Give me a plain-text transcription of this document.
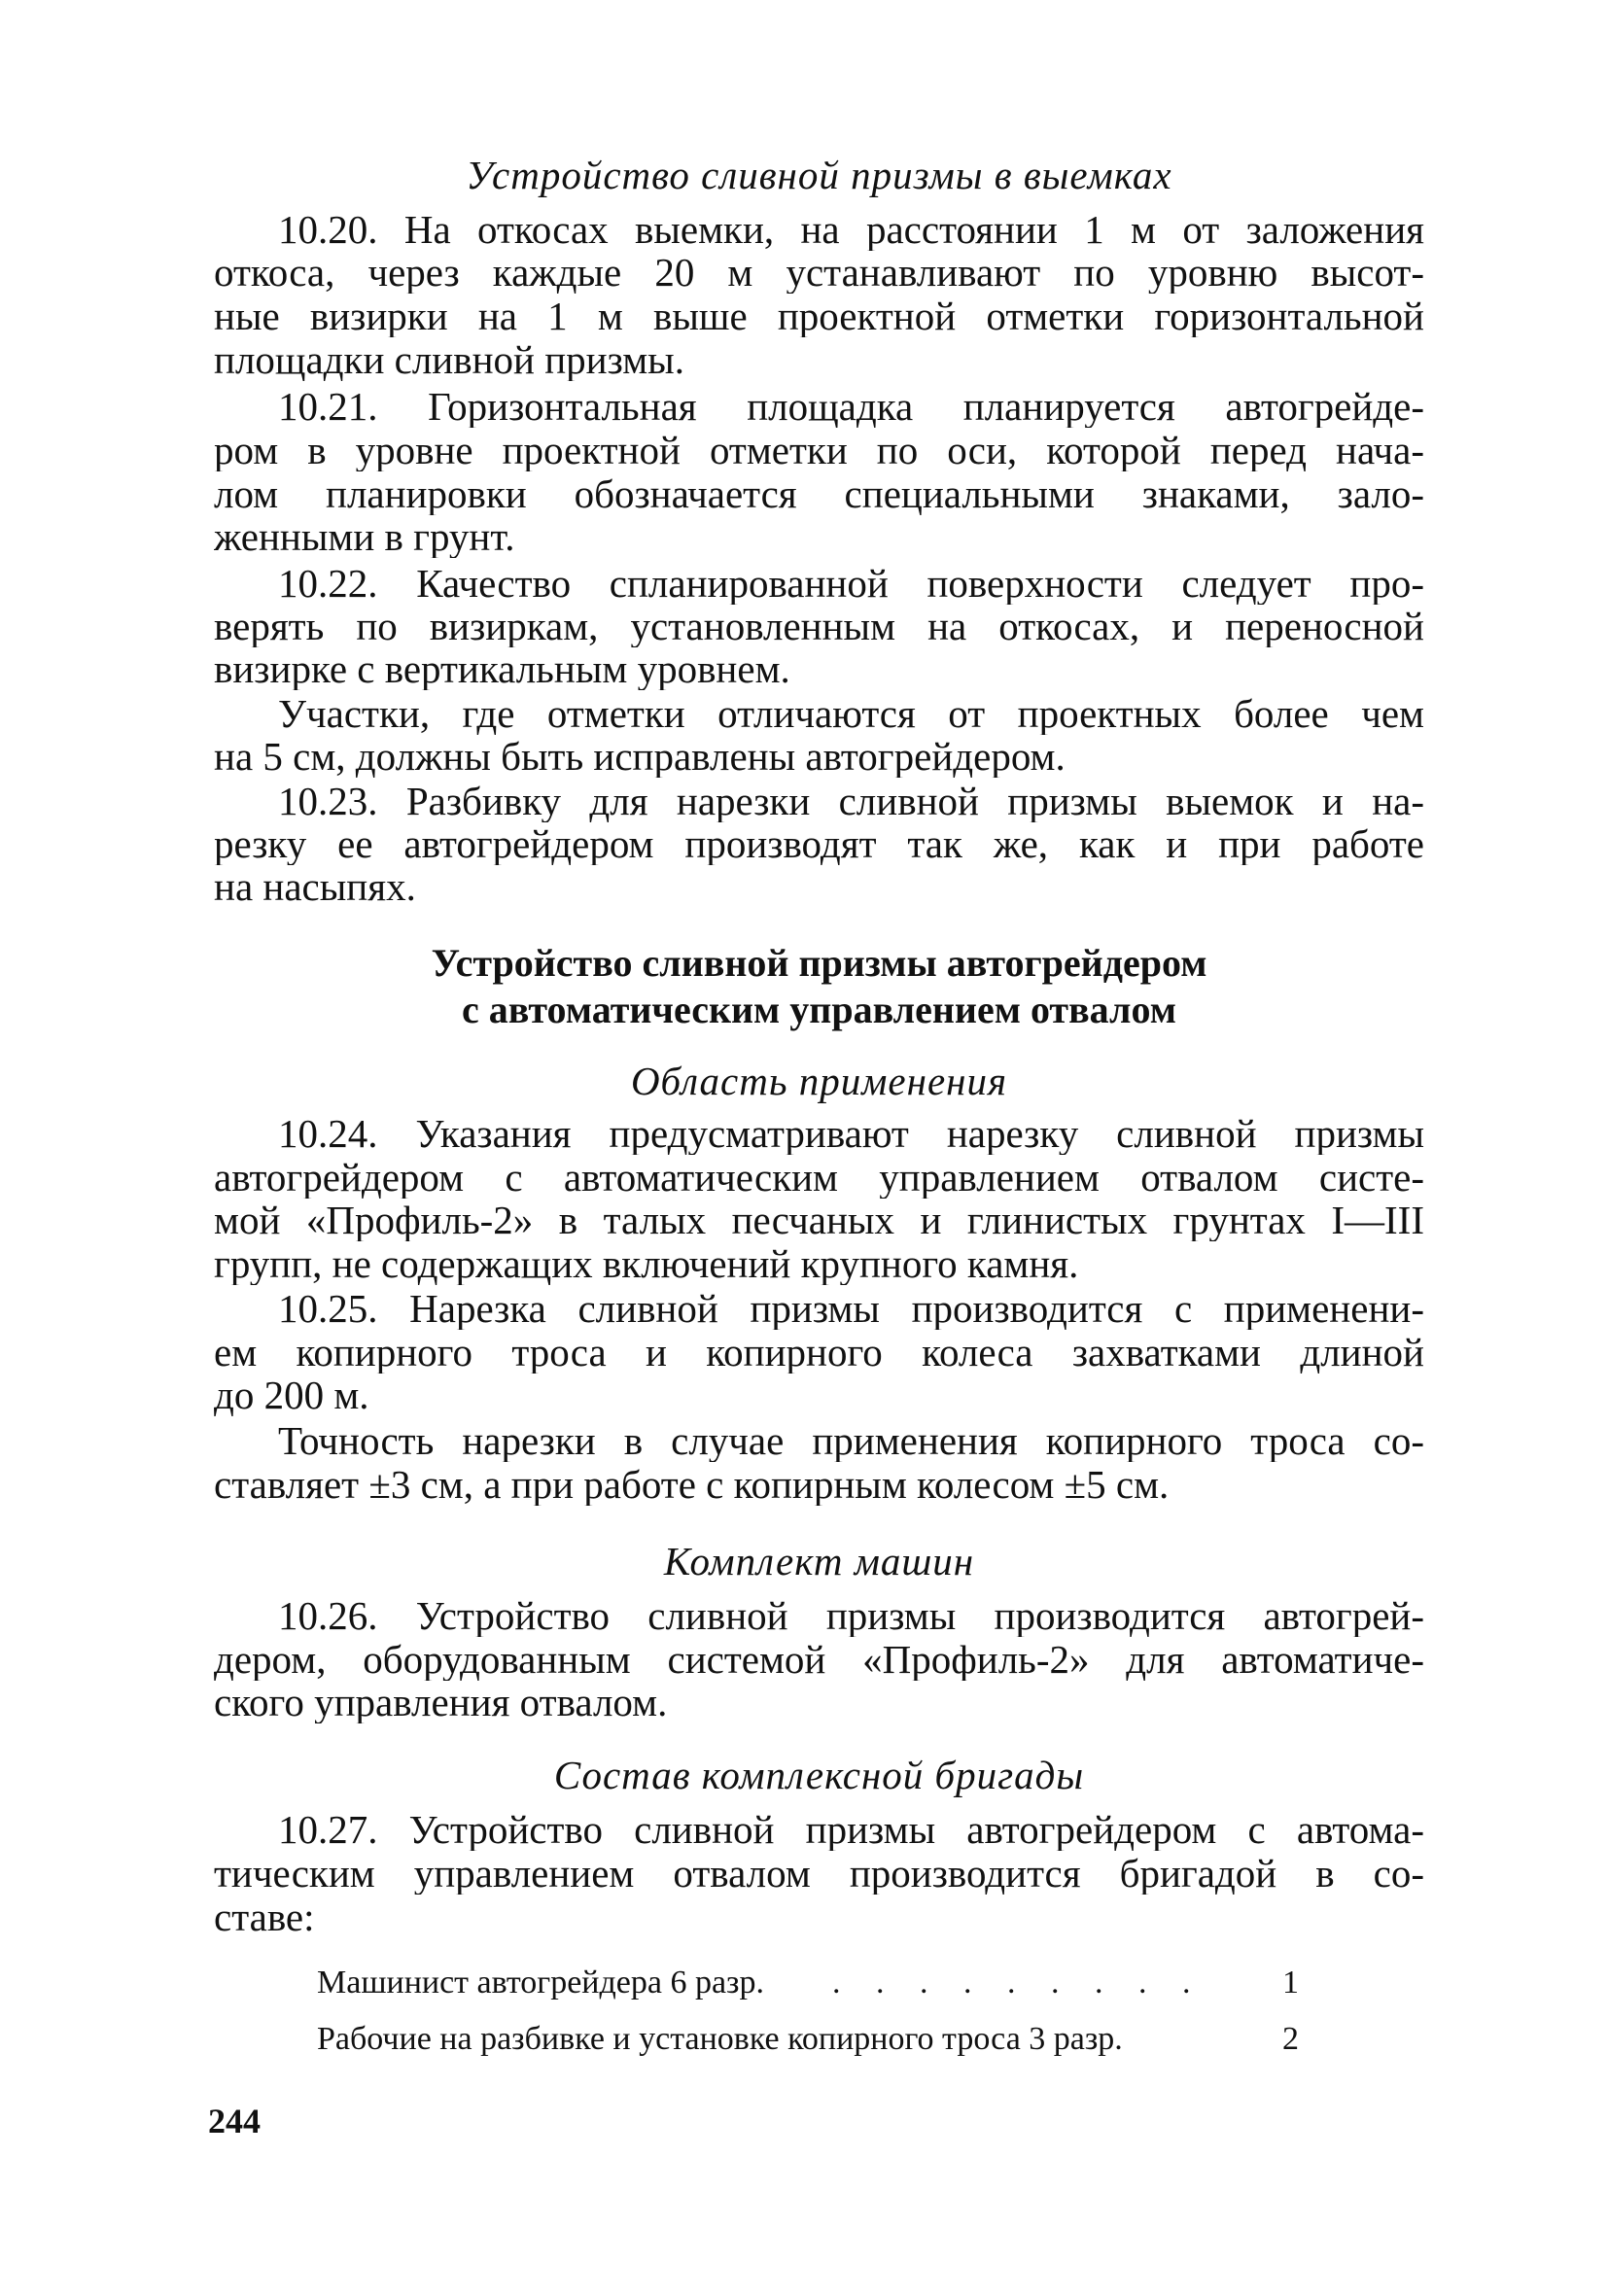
Устройство сливной призмы в выемках
10.20. На откосах выемки, на расстоянии 1 м от заложения
откоса, через каждые 20 м устанавливают по уровню высот-
ные визирки на 1 м выше проектной отметки горизонтальной
площадки сливной призмы.
10.21. Горизонтальная площадка планируется автогрейде-
ром в уровне проектной отметки по оси, которой перед нача-
лом планировки обозначается специальными знаками, зало-
женными в грунт.
10.22. Качество спланированной поверхности следует про-
верять по визиркам, установленным на откосах, и переносной
визирке с вертикальным уровнем.
Участки, где отметки отличаются от проектных более чем
на 5 см, должны быть исправлены автогрейдером.
10.23. Разбивку для нарезки сливной призмы выемок и на-
резку ее автогрейдером производят так же, как и при работе
на насыпях.
Устройство сливной призмы автогрейдером
с автоматическим управлением отвалом
Область применения
10.24. Указания предусматривают нарезку сливной призмы
автогрейдером с автоматическим управлением отвалом систе-
мой «Профиль-2» в талых песчаных и глинистых грунтах I—III
групп, не содержащих включений крупного камня.
10.25. Нарезка сливной призмы производится с применени-
ем копирного троса и копирного колеса захватками длиной
до 200 м.
Точность нарезки в случае применения копирного троса со-
ставляет ±3 см, а при работе с копирным колесом ±5 см.
Комплект машин
10.26. Устройство сливной призмы производится автогрей-
дером, оборудованным системой «Профиль-2» для автоматиче-
ского управления отвалом.
Состав комплексной бригады
10.27. Устройство сливной призмы автогрейдером с автома-
тическим управлением отвалом производится бригадой в со-
ставе:
Машинист автогрейдера 6 разр. . . . . . . . . . 1
Рабочие на разбивке и установке копирного троса 3 разр.	2
244
